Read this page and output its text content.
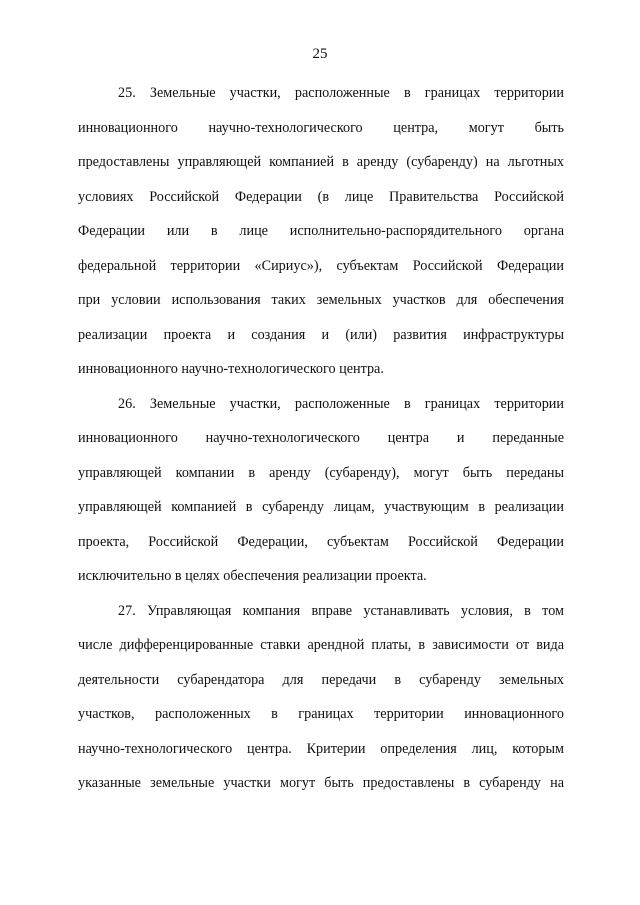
25

25. Земельные участки, расположенные в границах территории
инновационного научно-технологического центра, могут быть
предоставлены управляющей компанией в аренду (субаренду) на льготных
условиях Российской Федерации (в лице Правительства Российской
Федерации или в лице исполнительно-распорядительного органа
федеральной территории «Сириус»), субъектам Российской Федерации
при условии использования таких земельных участков для обеспечения
реализации проекта и создания и (или) развития инфраструктуры
инновационного научно-технологического центра.

26. Земельные участки, расположенные в границах территории
инновационного научно-технологического центра и переданные
управляющей компании в аренду (субаренду), могут быть переданы
управляющей компанией в субаренду лицам, участвующим в реализации
проекта, Российской Федерации, субъектам Российской Федерации
исключительно в целях обеспечения реализации проекта.

27. Управляющая компания вправе устанавливать условия, в том
числе дифференцированные ставки арендной платы, в зависимости от вида
деятельности субарендатора для передачи в субаренду земельных
участков, расположенных в границах территории инновационного
научно-технологического центра. Критерии определения лиц, которым
указанные земельные участки могут быть предоставлены в субаренду на
